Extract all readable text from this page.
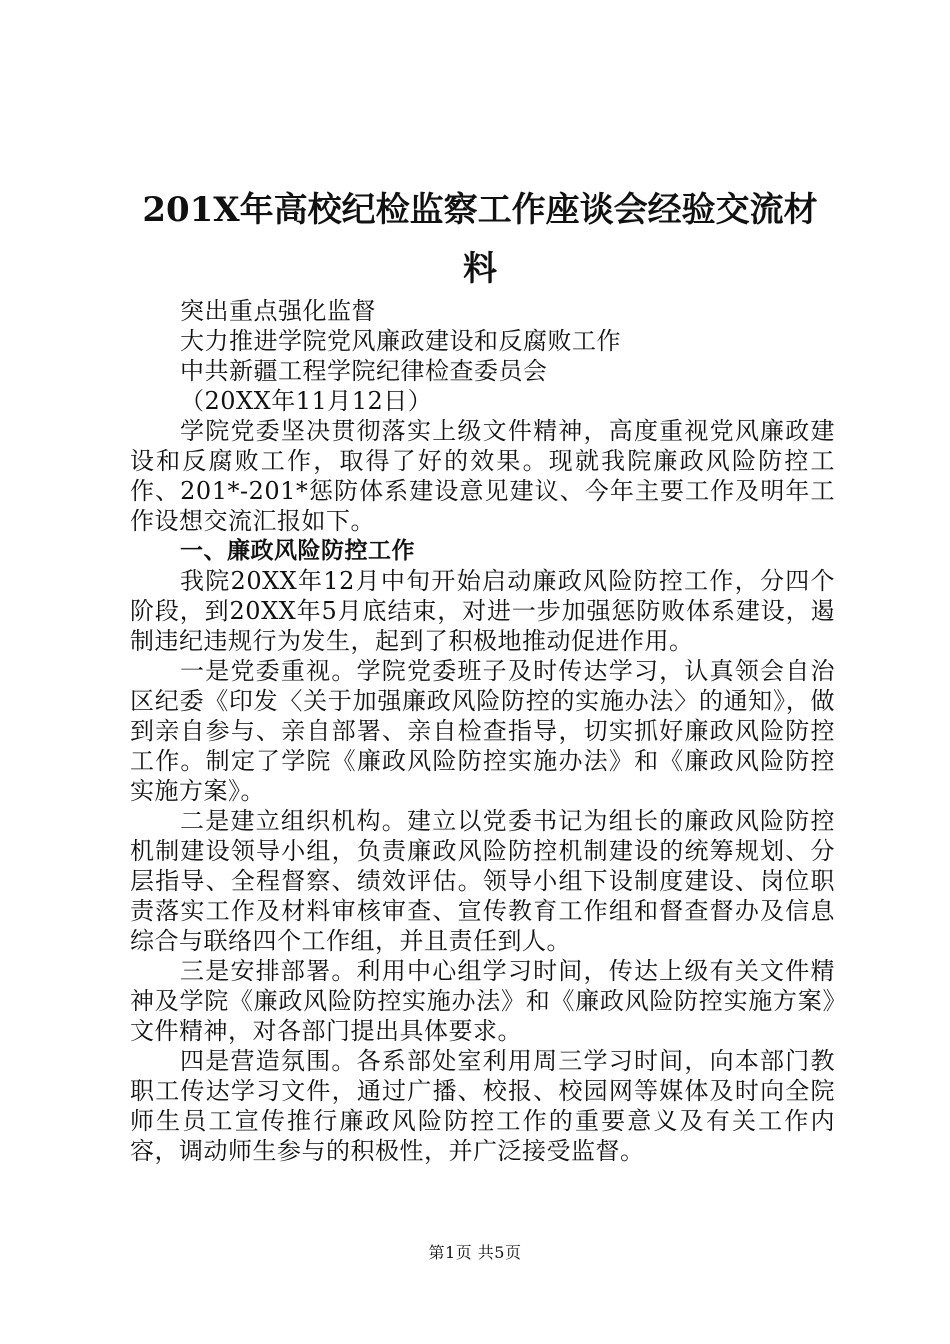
201X年高校纪检监察工作座谈会经验交流材
料

突出重点强化监督

大力推进学院党风廉政建设和反腐败工作

中共新疆工程学院纪律检查委员会

（20XX年11月12日）

学院党委坚决贯彻落实上级文件精神，高度重视党风廉政建设和反腐败工作，取得了好的效果。现就我院廉政风险防控工作、201*-201*惩防体系建设意见建议、今年主要工作及明年工作设想交流汇报如下。

一、廉政风险防控工作

我院20XX年12月中旬开始启动廉政风险防控工作，分四个阶段，到20XX年5月底结束，对进一步加强惩防败体系建设，遏制违纪违规行为发生，起到了积极地推动促进作用。

一是党委重视。学院党委班子及时传达学习，认真领会自治区纪委《印发〈关于加强廉政风险防控的实施办法〉的通知》，做到亲自参与、亲自部署、亲自检查指导，切实抓好廉政风险防控工作。制定了学院《廉政风险防控实施办法》和《廉政风险防控实施方案》。

二是建立组织机构。建立以党委书记为组长的廉政风险防控机制建设领导小组，负责廉政风险防控机制建设的统筹规划、分层指导、全程督察、绩效评估。领导小组下设制度建设、岗位职责落实工作及材料审核审查、宣传教育工作组和督查督办及信息综合与联络四个工作组，并且责任到人。

三是安排部署。利用中心组学习时间，传达上级有关文件精神及学院《廉政风险防控实施办法》和《廉政风险防控实施方案》文件精神，对各部门提出具体要求。

四是营造氛围。各系部处室利用周三学习时间，向本部门教职工传达学习文件，通过广播、校报、校园网等媒体及时向全院师生员工宣传推行廉政风险防控工作的重要意义及有关工作内容，调动师生参与的积极性，并广泛接受监督。

第1页 共5页
